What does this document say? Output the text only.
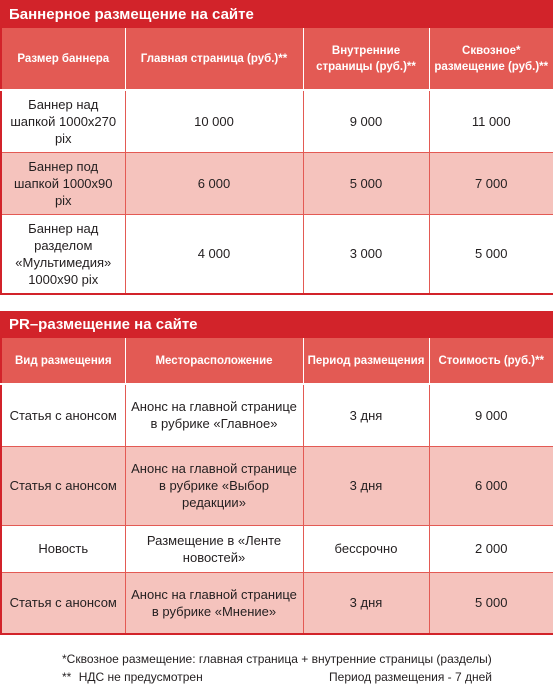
Баннерное размещение на сайте
Размер баннера	Главная страница (руб.)**	Внутренние страницы (руб.)**	Сквозное* размещение (руб.)**
Баннер над шапкой 1000х270 pix	10 000	9 000	11 000
Баннер под шапкой 1000х90 pix	6 000	5 000	7 000
Баннер над разделом «Мультимедия» 1000х90 pix	4 000	3 000	5 000
PR–размещение на сайте
Вид размещения	Месторасположение	Период размещения	Стоимость (руб.)**
Статья с анонсом	Анонс на главной странице в рубрике «Главное»	3 дня	9 000
Статья с анонсом	Анонс на главной странице в рубрике «Выбор редакции»	3 дня	6 000
Новость	Размещение в «Ленте новостей»	бессрочно	2 000
Статья с анонсом	Анонс на главной странице в рубрике «Мнение»	3 дня	5 000
*Сквозное размещение: главная страница + внутренние страницы (разделы)
** НДС не предусмотрен	Период размещения - 7 дней
